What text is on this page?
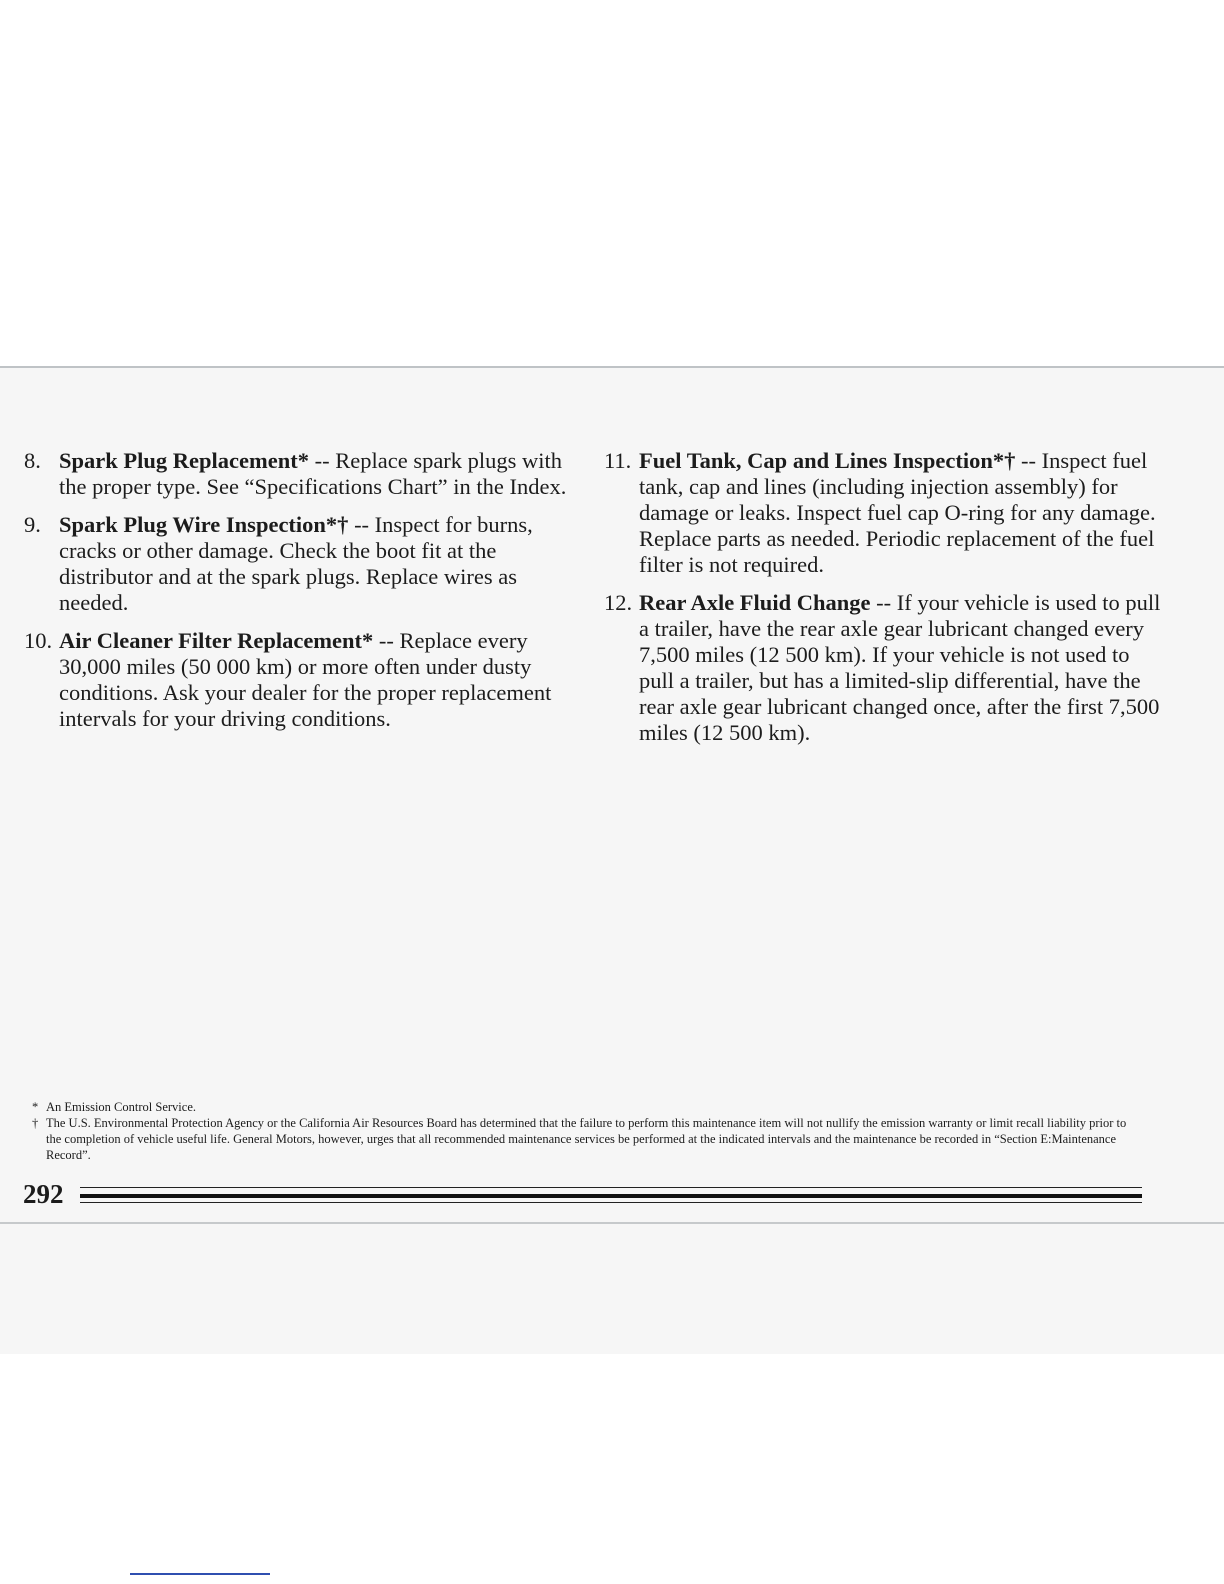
8. Spark Plug Replacement* -- Replace spark plugs with the proper type. See “Specifications Chart” in the Index.
9. Spark Plug Wire Inspection*† -- Inspect for burns, cracks or other damage. Check the boot fit at the distributor and at the spark plugs. Replace wires as needed.
10. Air Cleaner Filter Replacement* -- Replace every 30,000 miles (50 000 km) or more often under dusty conditions. Ask your dealer for the proper replacement intervals for your driving conditions.
11. Fuel Tank, Cap and Lines Inspection*† -- Inspect fuel tank, cap and lines (including injection assembly) for damage or leaks. Inspect fuel cap O-ring for any damage. Replace parts as needed. Periodic replacement of the fuel filter is not required.
12. Rear Axle Fluid Change -- If your vehicle is used to pull a trailer, have the rear axle gear lubricant changed every 7,500 miles (12 500 km). If your vehicle is not used to pull a trailer, but has a limited-slip differential, have the rear axle gear lubricant changed once, after the first 7,500 miles (12 500 km).
* An Emission Control Service.
† The U.S. Environmental Protection Agency or the California Air Resources Board has determined that the failure to perform this maintenance item will not nullify the emission warranty or limit recall liability prior to the completion of vehicle useful life. General Motors, however, urges that all recommended maintenance services be performed at the indicated intervals and the maintenance be recorded in “Section E:Maintenance Record”.
292
